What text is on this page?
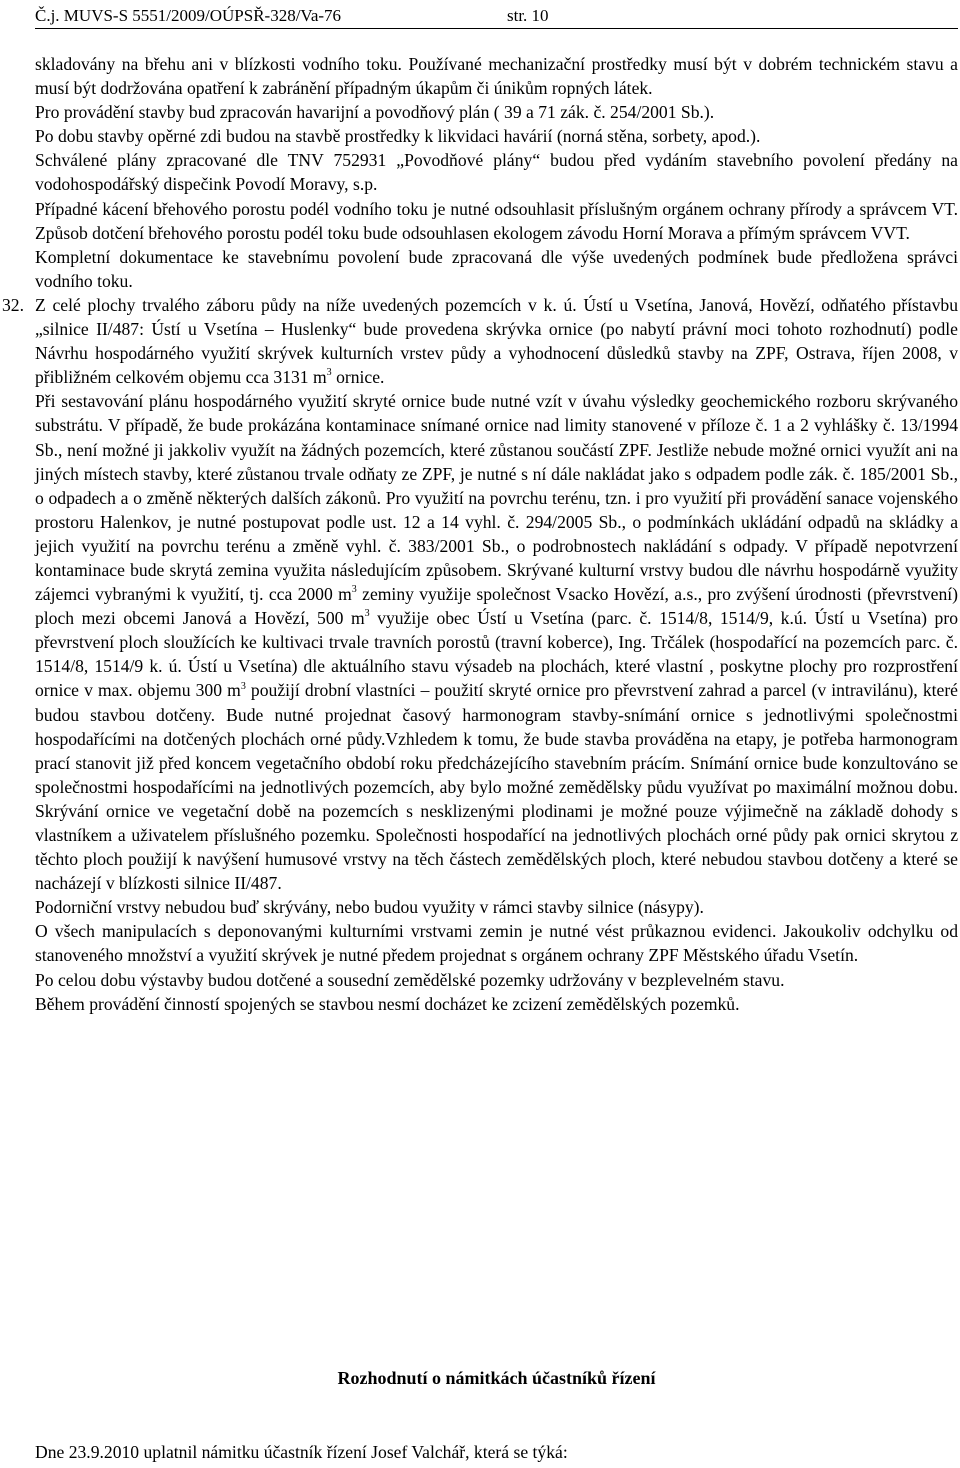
Č.j. MUVS-S 5551/2009/OÚPSŘ-328/Va-76	str. 10

skladovány na břehu ani v blízkosti vodního toku. Používané mechanizační prostředky musí být v dobrém technickém stavu a musí být dodržována opatření k zabránění případným úkapům či únikům ropných látek.

Pro provádění stavby bud zpracován havarijní a povodňový plán ( 39 a 71 zák. č. 254/2001 Sb.).

Po dobu stavby opěrné zdi budou na stavbě prostředky k likvidaci havárií (norná stěna, sorbety, apod.).

Schválené plány zpracované dle TNV 752931 „Povodňové plány“ budou před vydáním stavebního povolení předány na vodohospodářský dispečink Povodí Moravy, s.p.

Případné kácení břehového porostu podél vodního toku je nutné odsouhlasit příslušným orgánem ochrany přírody a správcem VT. Způsob dotčení břehového porostu podél toku bude odsouhlasen ekologem závodu Horní Morava a přímým správcem VVT.

Kompletní dokumentace ke stavebnímu povolení bude zpracovaná dle výše uvedených podmínek bude předložena správci vodního toku.

32. Z celé plochy trvalého záboru půdy na níže uvedených pozemcích v k. ú. Ústí u Vsetína, Janová, Hovězí, odňatého přístavbu „silnice II/487: Ústí u Vsetína – Huslenky“ bude provedena skrývka ornice (po nabytí právní moci tohoto rozhodnutí) podle Návrhu hospodárného využití skrývek kulturních vrstev půdy a vyhodnocení důsledků stavby na ZPF, Ostrava, říjen 2008, v přibližném celkovém objemu cca 3131 $m^3$ ornice.

Při sestavování plánu hospodárného využití skryté ornice bude nutné vzít v úvahu výsledky geochemického rozboru skrývaného substrátu. V případě, že bude prokázána kontaminace snímané ornice nad limity stanovené v příloze č. 1 a 2 vyhlášky č. 13/1994 Sb., není možné ji jakkoliv využít na žádných pozemcích, které zůstanou součástí ZPF. Jestliže nebude možné ornici využít ani na jiných místech stavby, které zůstanou trvale odňaty ze ZPF, je nutné s ní dále nakládat jako s odpadem podle zák. č. 185/2001 Sb., o odpadech a o změně některých dalších zákonů. Pro využití na povrchu terénu, tzn. i pro využití při provádění sanace vojenského prostoru Halenkov, je nutné postupovat podle ust. 12 a 14 vyhl. č. 294/2005 Sb., o podmínkách ukládání odpadů na skládky a jejich využití na povrchu terénu a změně vyhl. č. 383/2001 Sb., o podrobnostech nakládání s odpady. V případě nepotvrzení kontaminace bude skrytá zemina využita následujícím způsobem. Skrývané kulturní vrstvy budou dle návrhu hospodárně využity zájemci vybranými k využití, tj. cca 2000 $m^3$ zeminy využije společnost Vsacko Hovězí, a.s., pro zvýšení úrodnosti (převrstvení) ploch mezi obcemi Janová a Hovězí, 500 $m^3$ využije obec Ústí u Vsetína (parc. č. 1514/8, 1514/9, k.ú. Ústí u Vsetína) pro převrstvení ploch sloužících ke kultivaci trvale travních porostů (travní koberce), Ing. Trčálek (hospodařící na pozemcích parc. č. 1514/8, 1514/9 k. ú. Ústí u Vsetína) dle aktuálního stavu výsadeb na plochách, které vlastní , poskytne plochy pro rozprostření ornice v max. objemu 300 $m^3$ použijí drobní vlastníci – použití skryté ornice pro převrstvení zahrad a parcel (v intravilánu), které budou stavbou dotčeny. Bude nutné projednat časový harmonogram stavby-snímání ornice s jednotlivými společnostmi hospodařícími na dotčených plochách orné půdy.Vzhledem k tomu, že bude stavba prováděna na etapy, je potřeba harmonogram prací stanovit již před koncem vegetačního období roku předcházejícího stavebním prácím. Snímání ornice bude konzultováno se společnostmi hospodařícími na jednotlivých pozemcích, aby bylo možné zemědělsky půdu využívat po maximální možnou dobu. Skrývání ornice ve vegetační době na pozemcích s nesklizenými plodinami je možné pouze výjimečně na základě dohody s vlastníkem a uživatelem příslušného pozemku. Společnosti hospodařící na jednotlivých plochách orné půdy pak ornici skrytou z těchto ploch použijí k navýšení humusové vrstvy na těch částech zemědělských ploch, které nebudou stavbou dotčeny a které se nacházejí v blízkosti silnice II/487.

Podorniční vrstvy nebudou buď skrývány, nebo budou využity v rámci stavby silnice (násypy).

O všech manipulacích s deponovanými kulturními vrstvami zemin je nutné vést průkaznou evidenci. Jakoukoliv odchylku od stanoveného množství a využití skrývek je nutné předem projednat s orgánem ochrany ZPF Městského úřadu Vsetín.

Po celou dobu výstavby budou dotčené a sousední zemědělské pozemky udržovány v bezplevelném stavu.

Během provádění činností spojených se stavbou nesmí docházet ke zcizení zemědělských pozemků.

Rozhodnutí o námitkách účastníků řízení
Dne 23.9.2010 uplatnil námitku účastník řízení Josef Valchář, která se týká:
